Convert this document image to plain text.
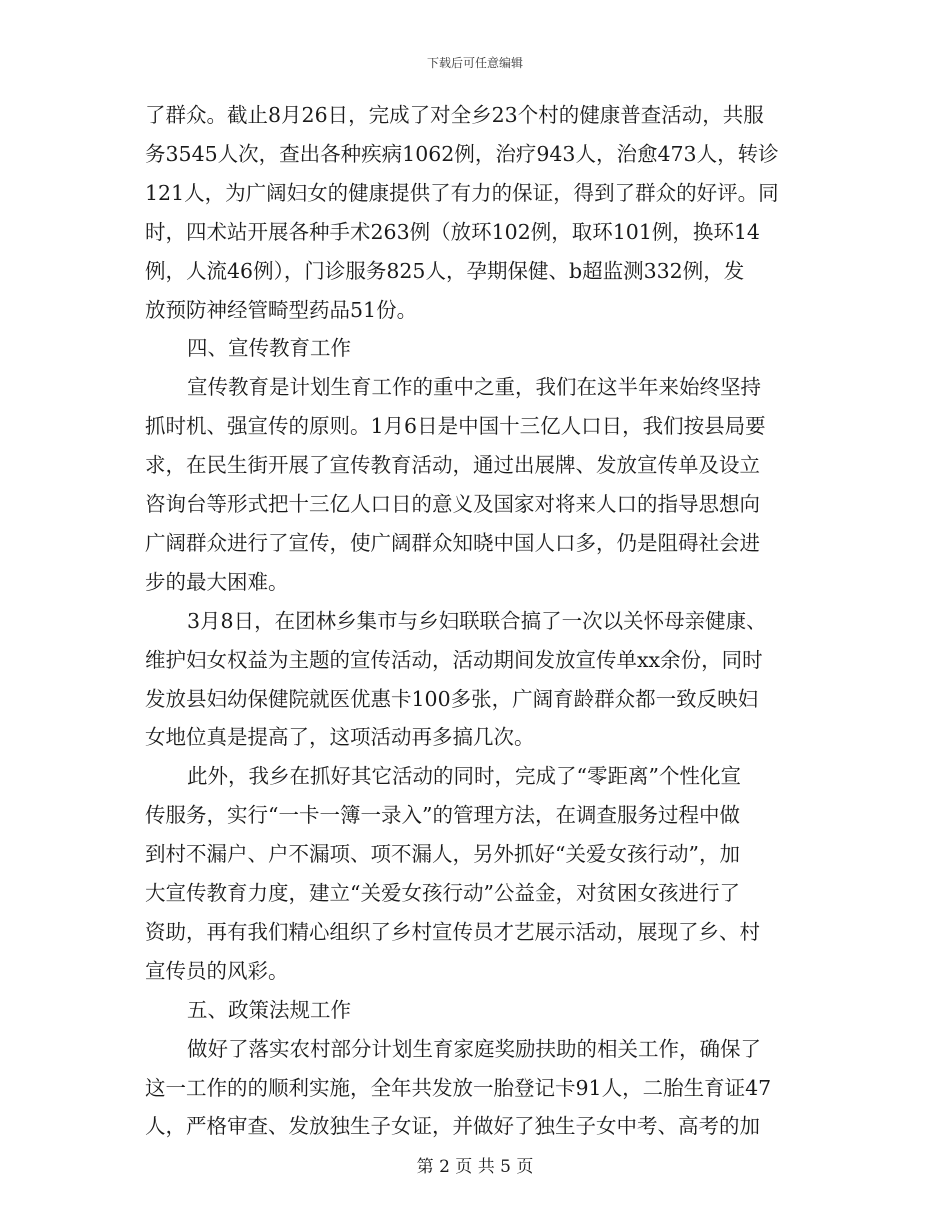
下载后可任意编辑
了群众。截止8月26日，完成了对全乡23个村的健康普查活动，共服
务3545人次，查出各种疾病1062例，治疗943人，治愈473人，转诊
121人，为广阔妇女的健康提供了有力的保证，得到了群众的好评。同
时，四术站开展各种手术263例（放环102例，取环101例，换环14
例，人流46例），门诊服务825人，孕期保健、b超监测332例，发
放预防神经管畸型药品51份。
四、宣传教育工作
宣传教育是计划生育工作的重中之重，我们在这半年来始终坚持
抓时机、强宣传的原则。1月6日是中国十三亿人口日，我们按县局要
求，在民生街开展了宣传教育活动，通过出展牌、发放宣传单及设立
咨询台等形式把十三亿人口日的意义及国家对将来人口的指导思想向
广阔群众进行了宣传，使广阔群众知晓中国人口多，仍是阻碍社会进
步的最大困难。
3月8日，在团林乡集市与乡妇联联合搞了一次以关怀母亲健康、
维护妇女权益为主题的宣传活动，活动期间发放宣传单xx余份，同时
发放县妇幼保健院就医优惠卡100多张，广阔育龄群众都一致反映妇
女地位真是提高了，这项活动再多搞几次。
此外，我乡在抓好其它活动的同时，完成了“零距离”个性化宣
传服务，实行“一卡一簿一录入”的管理方法，在调查服务过程中做
到村不漏户、户不漏项、项不漏人，另外抓好“关爱女孩行动”，加
大宣传教育力度，建立“关爱女孩行动”公益金，对贫困女孩进行了
资助，再有我们精心组织了乡村宣传员才艺展示活动，展现了乡、村
宣传员的风彩。
五、政策法规工作
做好了落实农村部分计划生育家庭奖励扶助的相关工作，确保了
这一工作的的顺利实施，全年共发放一胎登记卡91人，二胎生育证47
人，严格审查、发放独生子女证，并做好了独生子女中考、高考的加
第 2 页 共 5 页
